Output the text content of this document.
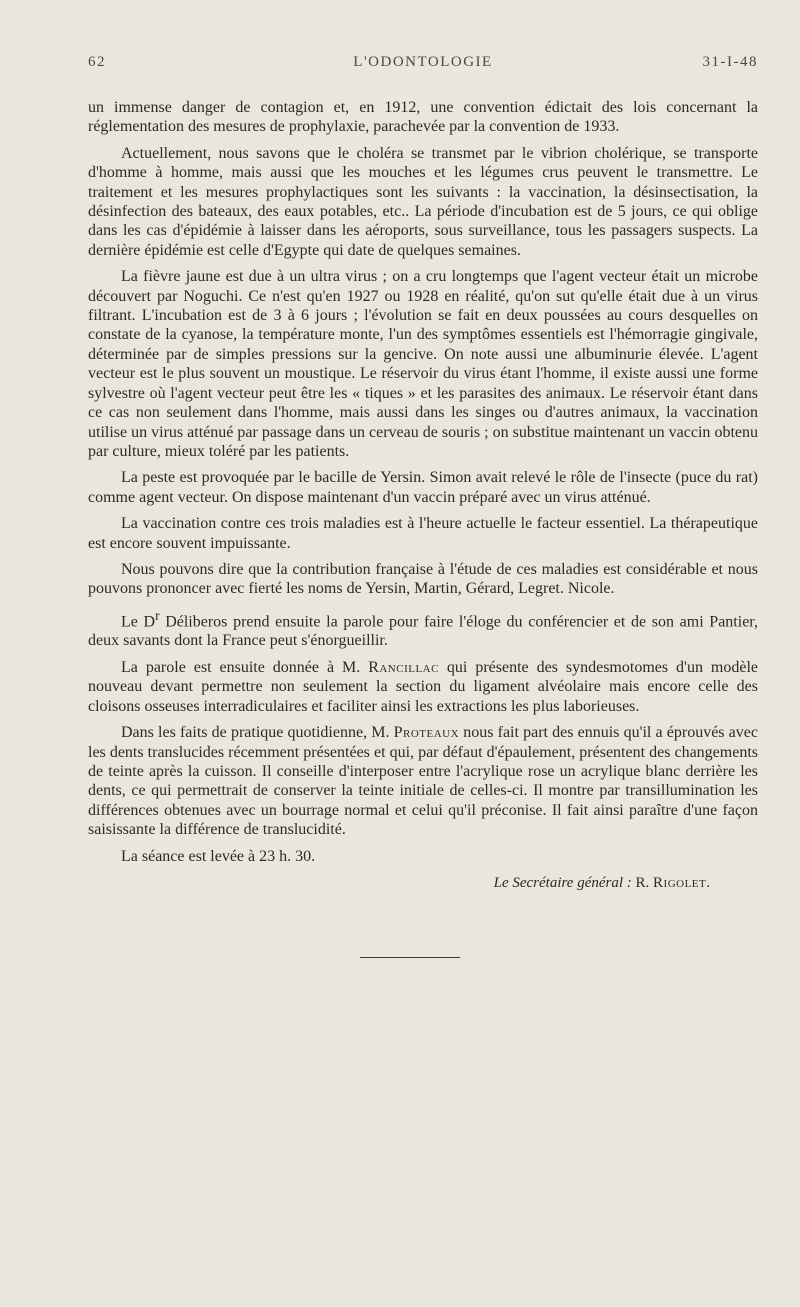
62	L'ODONTOLOGIE	31-I-48

un immense danger de contagion et, en 1912, une convention édictait des lois concernant la réglementation des mesures de prophylaxie, parachevée par la convention de 1933.

Actuellement, nous savons que le choléra se transmet par le vibrion cholérique, se transporte d'homme à homme, mais aussi que les mouches et les légumes crus peuvent le transmettre. Le traitement et les mesures prophylactiques sont les suivants : la vaccination, la désinsectisation, la désinfection des bateaux, des eaux potables, etc.. La période d'incubation est de 5 jours, ce qui oblige dans les cas d'épidémie à laisser dans les aéroports, sous surveillance, tous les passagers suspects. La dernière épidémie est celle d'Egypte qui date de quelques semaines.

La fièvre jaune est due à un ultra virus ; on a cru longtemps que l'agent vecteur était un microbe découvert par Noguchi. Ce n'est qu'en 1927 ou 1928 en réalité, qu'on sut qu'elle était due à un virus filtrant. L'incubation est de 3 à 6 jours ; l'évolution se fait en deux poussées au cours desquelles on constate de la cyanose, la température monte, l'un des symptômes essentiels est l'hémorragie gingivale, déterminée par de simples pressions sur la gencive. On note aussi une albuminurie élevée. L'agent vecteur est le plus souvent un moustique. Le réservoir du virus étant l'homme, il existe aussi une forme sylvestre où l'agent vecteur peut être les « tiques » et les parasites des animaux. Le réservoir étant dans ce cas non seulement dans l'homme, mais aussi dans les singes ou d'autres animaux, la vaccination utilise un virus atténué par passage dans un cerveau de souris ; on substitue maintenant un vaccin obtenu par culture, mieux toléré par les patients.

La peste est provoquée par le bacille de Yersin. Simon avait relevé le rôle de l'insecte (puce du rat) comme agent vecteur. On dispose maintenant d'un vaccin préparé avec un virus atténué.

La vaccination contre ces trois maladies est à l'heure actuelle le facteur essentiel. La thérapeutique est encore souvent impuissante.

Nous pouvons dire que la contribution française à l'étude de ces maladies est considérable et nous pouvons prononcer avec fierté les noms de Yersin, Martin, Gérard, Legret. Nicole.

Le $D^r$ Déliberos prend ensuite la parole pour faire l'éloge du conférencier et de son ami Pantier, deux savants dont la France peut s'énorgueillir.

La parole est ensuite donnée à M. Rancillac qui présente des syndesmotomes d'un modèle nouveau devant permettre non seulement la section du ligament alvéolaire mais encore celle des cloisons osseuses interradiculaires et faciliter ainsi les extractions les plus laborieuses.

Dans les faits de pratique quotidienne, M. Proteaux nous fait part des ennuis qu'il a éprouvés avec les dents translucides récemment présentées et qui, par défaut d'épaulement, présentent des changements de teinte après la cuisson. Il conseille d'interposer entre l'acrylique rose un acrylique blanc derrière les dents, ce qui permettrait de conserver la teinte initiale de celles-ci. Il montre par transillumination les différences obtenues avec un bourrage normal et celui qu'il préconise. Il fait ainsi paraître d'une façon saisissante la différence de translucidité.

La séance est levée à 23 h. 30.

Le Secrétaire général : R. Rigolet.
